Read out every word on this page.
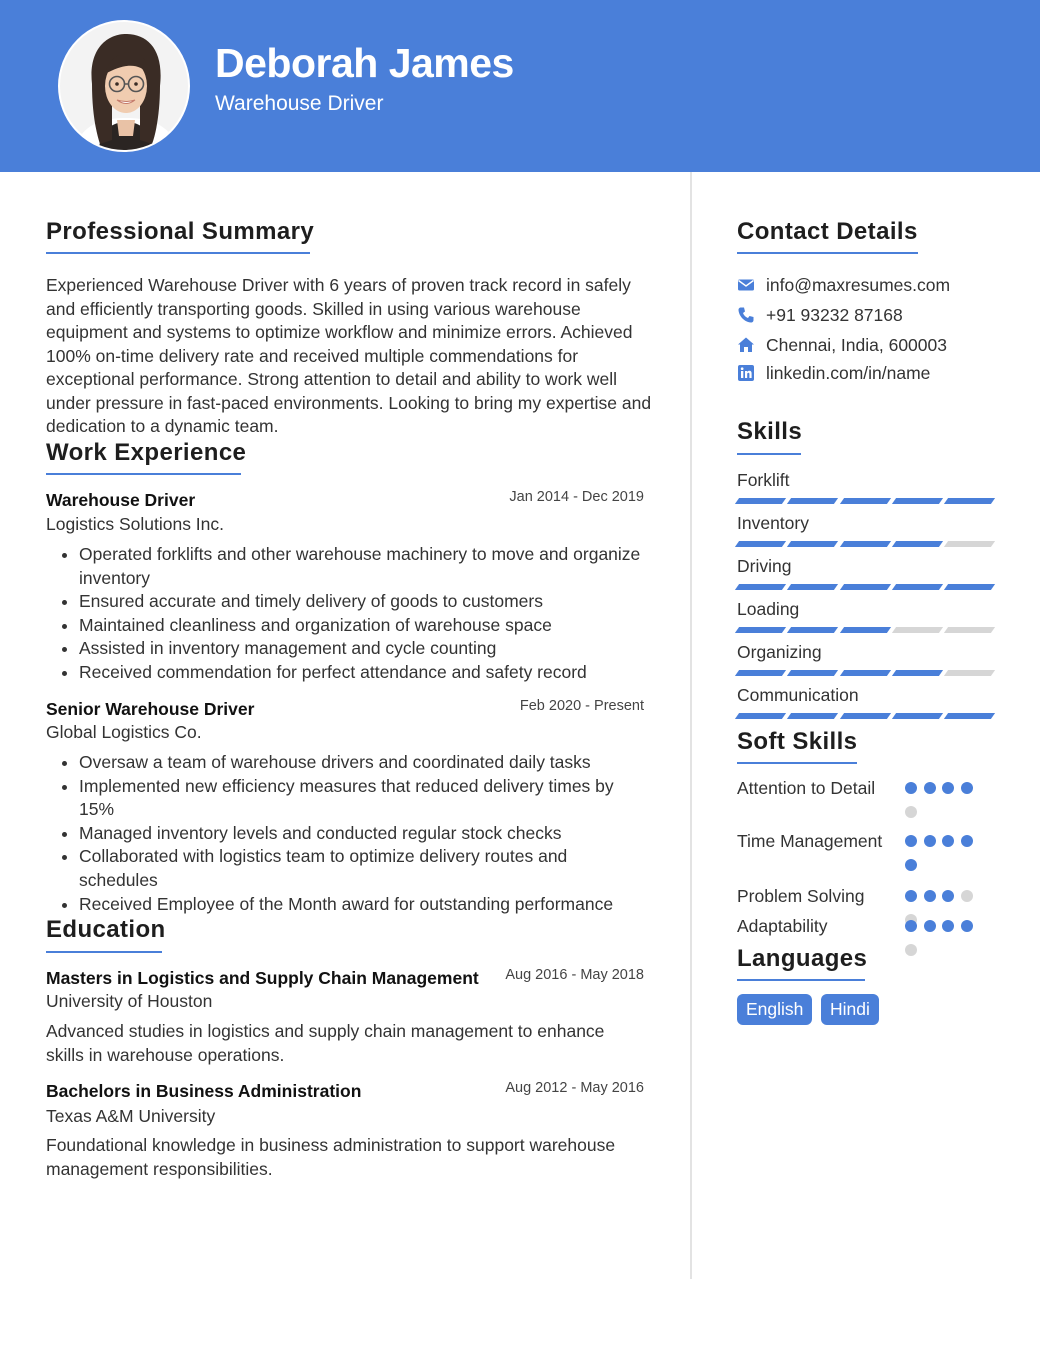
Deborah James
Warehouse Driver
Professional Summary
Experienced Warehouse Driver with 6 years of proven track record in safely and efficiently transporting goods. Skilled in using various warehouse equipment and systems to optimize workflow and minimize errors. Achieved 100% on-time delivery rate and received multiple commendations for exceptional performance. Strong attention to detail and ability to work well under pressure in fast-paced environments. Looking to bring my expertise and dedication to a dynamic team.
Work Experience
Warehouse Driver	Jan 2014 - Dec 2019
Logistics Solutions Inc.
Operated forklifts and other warehouse machinery to move and organize inventory
Ensured accurate and timely delivery of goods to customers
Maintained cleanliness and organization of warehouse space
Assisted in inventory management and cycle counting
Received commendation for perfect attendance and safety record
Senior Warehouse Driver	Feb 2020 - Present
Global Logistics Co.
Oversaw a team of warehouse drivers and coordinated daily tasks
Implemented new efficiency measures that reduced delivery times by 15%
Managed inventory levels and conducted regular stock checks
Collaborated with logistics team to optimize delivery routes and schedules
Received Employee of the Month award for outstanding performance
Education
Masters in Logistics and Supply Chain Management Aug 2016 - May 2018
University of Houston
Advanced studies in logistics and supply chain management to enhance skills in warehouse operations.
Bachelors in Business Administration	Aug 2012 - May 2016
Texas A&M University
Foundational knowledge in business administration to support warehouse management responsibilities.
Contact Details
info@maxresumes.com
+91 93232 87168
Chennai, India, 600003
linkedin.com/in/name
Skills
Forklift
Inventory
Driving
Loading
Organizing
Communication
Soft Skills
Attention to Detail
Time Management
Problem Solving
Adaptability
Languages
English	Hindi
